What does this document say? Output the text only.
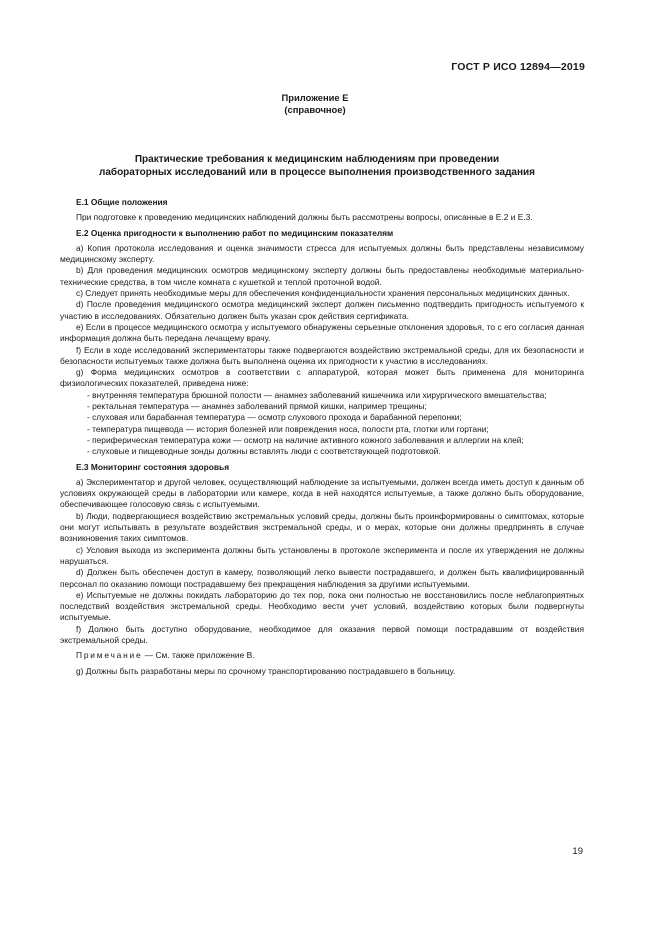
ГОСТ Р ИСО 12894—2019
Приложение Е
(справочное)
Практические требования к медицинским наблюдениям при проведении
лабораторных исследований или в процессе выполнения производственного задания
Е.1 Общие положения

При подготовке к проведению медицинских наблюдений должны быть рассмотрены вопросы, описанные в Е.2 и Е.3.

Е.2 Оценка пригодности к выполнению работ по медицинским показателям

а) Копия протокола исследования и оценка значимости стресса для испытуемых должны быть представлены независимому медицинскому эксперту.

b) Для проведения медицинских осмотров медицинскому эксперту должны быть предоставлены необходимые материально-технические средства, в том числе комната с кушеткой и теплой проточной водой.

с) Следует принять необходимые меры для обеспечения конфиденциальности хранения персональных медицинских данных.

d) После проведения медицинского осмотра медицинский эксперт должен письменно подтвердить пригодность испытуемого к участию в исследованиях. Обязательно должен быть указан срок действия сертификата.

е) Если в процессе медицинского осмотра у испытуемого обнаружены серьезные отклонения здоровья, то с его согласия данная информация должна быть передана лечащему врачу.

f) Если в ходе исследований экспериментаторы также подвергаются воздействию экстремальной среды, для их безопасности и безопасности испытуемых также должна быть выполнена оценка их пригодности к участию в исследованиях.

g) Форма медицинских осмотров в соответствии с аппаратурой, которая может быть применена для мониторинга физиологических показателей, приведена ниже:

- внутренняя температура брюшной полости — анамнез заболеваний кишечника или хирургического вмешательства;

- ректальная температура — анамнез заболеваний прямой кишки, например трещины;

- слуховая или барабанная температура — осмотр слухового прохода и барабанной перепонки;

- температура пищевода — история болезней или повреждения носа, полости рта, глотки или гортани;

- периферическая температура кожи — осмотр на наличие активного кожного заболевания и аллергии на клей;

- слуховые и пищеводные зонды должны вставлять люди с соответствующей подготовкой.

Е.3 Мониторинг состояния здоровья

а) Экспериментатор и другой человек, осуществляющий наблюдение за испытуемыми, должен всегда иметь доступ к данным об условиях окружающей среды в лаборатории или камере, когда в ней находятся испытуемые, а также должно быть оборудование, обеспечивающее голосовую связь с испытуемыми.

b) Люди, подвергающиеся воздействию экстремальных условий среды, должны быть проинформированы о симптомах, которые они могут испытывать в результате воздействия экстремальной среды, и о мерах, которые они должны предпринять в случае возникновения таких симптомов.

с) Условия выхода из эксперимента должны быть установлены в протоколе эксперимента и после их утверждения не должны нарушаться.

d) Должен быть обеспечен доступ в камеру, позволяющий легко вывести пострадавшего, и должен быть квалифицированный персонал по оказанию помощи пострадавшему без прекращения наблюдения за другими испытуемыми.

е) Испытуемые не должны покидать лабораторию до тех пор, пока они полностью не восстановились после неблагоприятных последствий воздействия экстремальной среды. Необходимо вести учет условий, воздействию которых были подвергнуты испытуемые.

f) Должно быть доступно оборудование, необходимое для оказания первой помощи пострадавшим от воздействия экстремальной среды.

Примечание — См. также приложение В.

g) Должны быть разработаны меры по срочному транспортированию пострадавшего в больницу.

19
